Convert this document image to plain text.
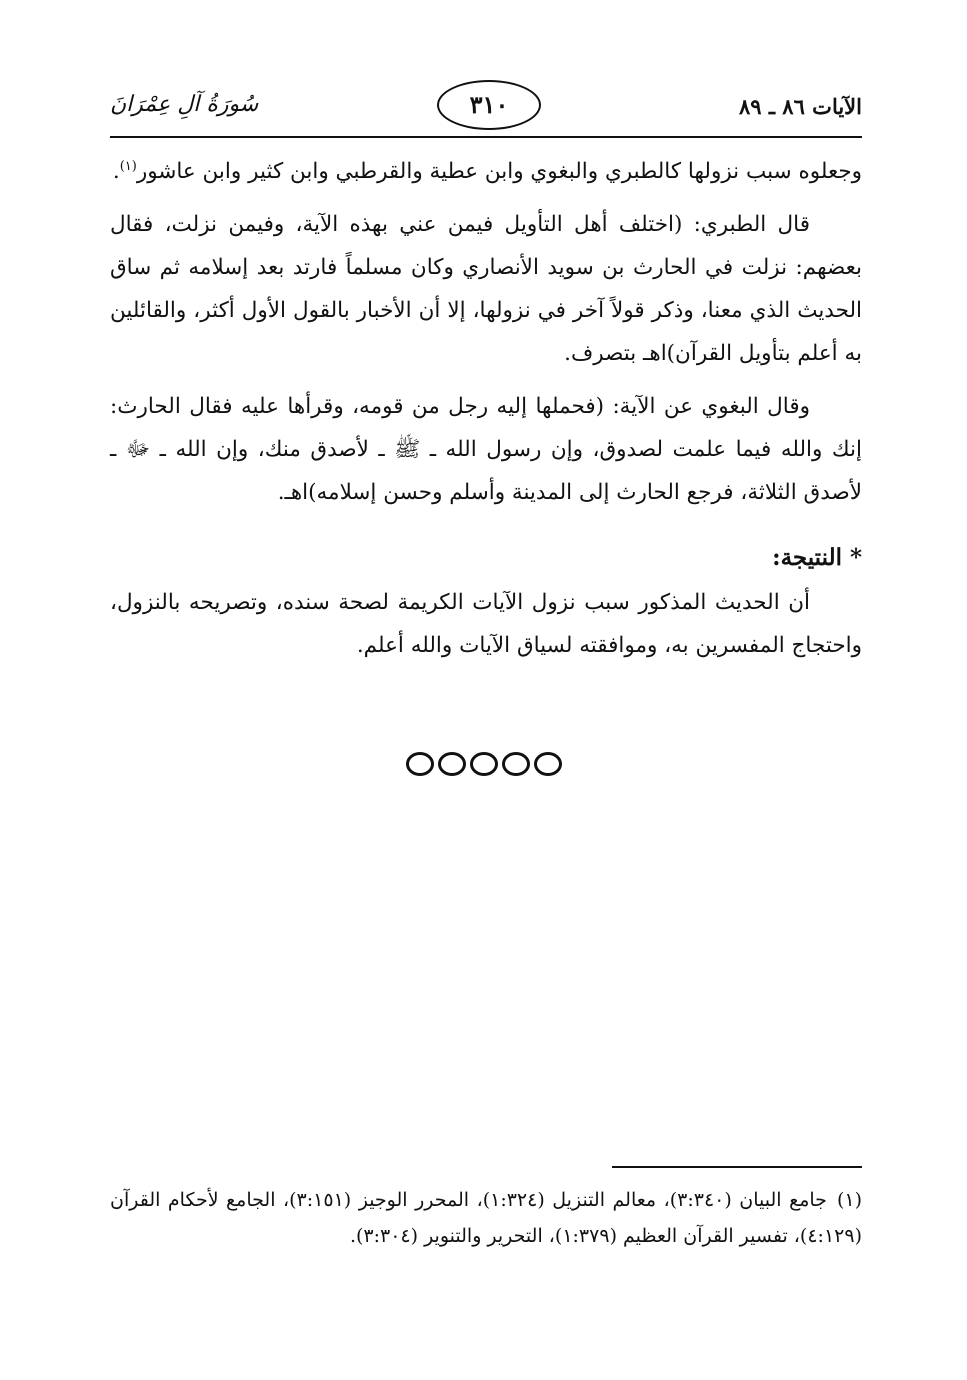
سُورَةُ آلِ عِمْرَانَ	٣١٠	الآيات ٨٦ ـ ٨٩

وجعلوه سبب نزولها كالطبري والبغوي وابن عطية والقرطبي وابن كثير وابن عاشور$^{(١)}$.

قال الطبري: (اختلف أهل التأويل فيمن عني بهذه الآية، وفيمن نزلت، فقال بعضهم: نزلت في الحارث بن سويد الأنصاري وكان مسلماً فارتد بعد إسلامه ثم ساق الحديث الذي معنا، وذكر قولاً آخر في نزولها، إلا أن الأخبار بالقول الأول أكثر، والقائلين به أعلم بتأويل القرآن)اهـ بتصرف.

وقال البغوي عن الآية: (فحملها إليه رجل من قومه، وقرأها عليه فقال الحارث: إنك والله فيما علمت لصدوق، وإن رسول الله ـ ﷺ ـ لأصدق منك، وإن الله ـ ﷻ ـ لأصدق الثلاثة، فرجع الحارث إلى المدينة وأسلم وحسن إسلامه)اهـ.

*النتيجة:

أن الحديث المذكور سبب نزول الآيات الكريمة لصحة سنده، وتصريحه بالنزول، واحتجاج المفسرين به، وموافقته لسياق الآيات والله أعلم.

(١)جامع البيان (٣:٣٤٠)، معالم التنزيل (١:٣٢٤)، المحرر الوجيز (٣:١٥١)، الجامع لأحكام القرآن (٤:١٢٩)، تفسير القرآن العظيم (١:٣٧٩)، التحرير والتنوير (٣:٣٠٤).
